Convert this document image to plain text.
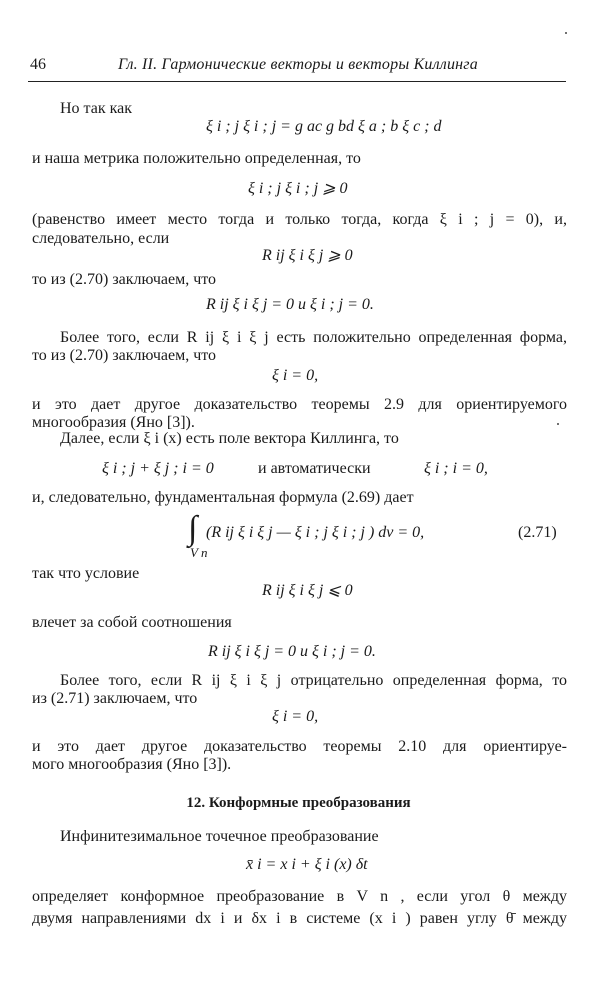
46	Гл. II. Гармонические векторы и векторы Киллинга
Но так как
ξ i ; j ξ i ; j = g ac g bd ξ a ; b ξ c ; d
и наша метрика положительно определенная, то
ξ i ; j ξ i ; j ⩾ 0
(равенство имеет место тогда и только тогда, когда ξ i ; j = 0), и,
следовательно, если
R ij ξ i ξ j ⩾ 0
то из (2.70) заключаем, что
R ij ξ i ξ j = 0 и ξ i ; j = 0.
Более того, если R ij ξ i ξ j есть положительно определенная форма,
то из (2.70) заключаем, что
ξ i = 0,
и это дает другое доказательство теоремы 2.9 для ориентируемого
многообразия (Яно [3]).
Далее, если ξ i (x) есть поле вектора Киллинга, то
ξ i ; j + ξ j ; i = 0	и автоматически	ξ i ; i = 0,
и, следовательно, фундаментальная формула (2.69) дает
∫
V n
(R ij ξ i ξ j — ξ i ; j ξ i ; j ) dv = 0,	(2.71)
так что условие
R ij ξ i ξ j ⩽ 0
влечет за собой соотношения
R ij ξ i ξ j = 0 и ξ i ; j = 0.
Более того, если R ij ξ i ξ j отрицательно определенная форма, то
из (2.71) заключаем, что
ξ i = 0,
и это дает другое доказательство теоремы 2.10 для ориентируе-
мого многообразия (Яно [3]).
12. Конформные преобразования
Инфинитезимальное точечное преобразование
x̄ i = x i + ξ i (x) δt
определяет конформное преобразование в V n , если угол θ между
двумя направлениями dx i и δx i в системе (x i ) равен углу θ̄ между
